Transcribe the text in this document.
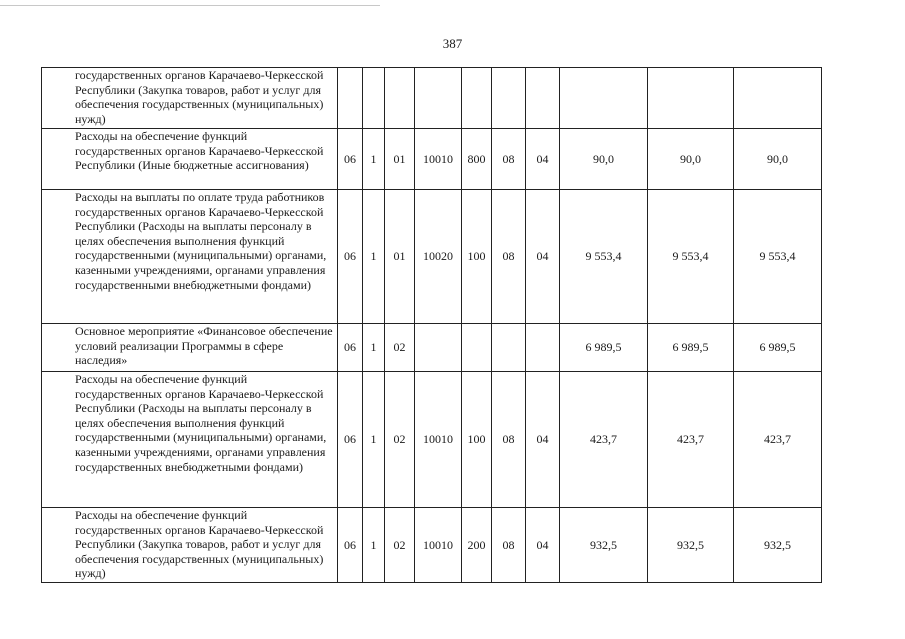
387
государственных органов Карачаево-Черкесской Республики (Закупка товаров, работ и услуг для обеспечения государственных (муниципальных) нужд)										
Расходы на обеспечение функций государственных органов Карачаево-Черкесской Республики (Иные бюджетные ассигнования)	06	1	01	10010	800	08	04	90,0	90,0	90,0
Расходы на выплаты по оплате труда работников государственных органов Карачаево-Черкесской Республики (Расходы на выплаты персоналу в целях обеспечения выполнения функций государственными (муниципальными) органами, казенными учреждениями, органами управления государственными внебюджетными фондами)	06	1	01	10020	100	08	04	9 553,4	9 553,4	9 553,4
Основное мероприятие «Финансовое обеспечение условий реализации Программы в сфере наследия»	06	1	02					6 989,5	6 989,5	6 989,5
Расходы на обеспечение функций государственных органов Карачаево-Черкесской Республики (Расходы на выплаты персоналу в целях обеспечения выполнения функций государственными (муниципальными) органами, казенными учреждениями, органами управления государственных внебюджетными фондами)	06	1	02	10010	100	08	04	423,7	423,7	423,7
Расходы на обеспечение функций государственных органов Карачаево-Черкесской Республики (Закупка товаров, работ и услуг для обеспечения государственных (муниципальных) нужд)	06	1	02	10010	200	08	04	932,5	932,5	932,5
